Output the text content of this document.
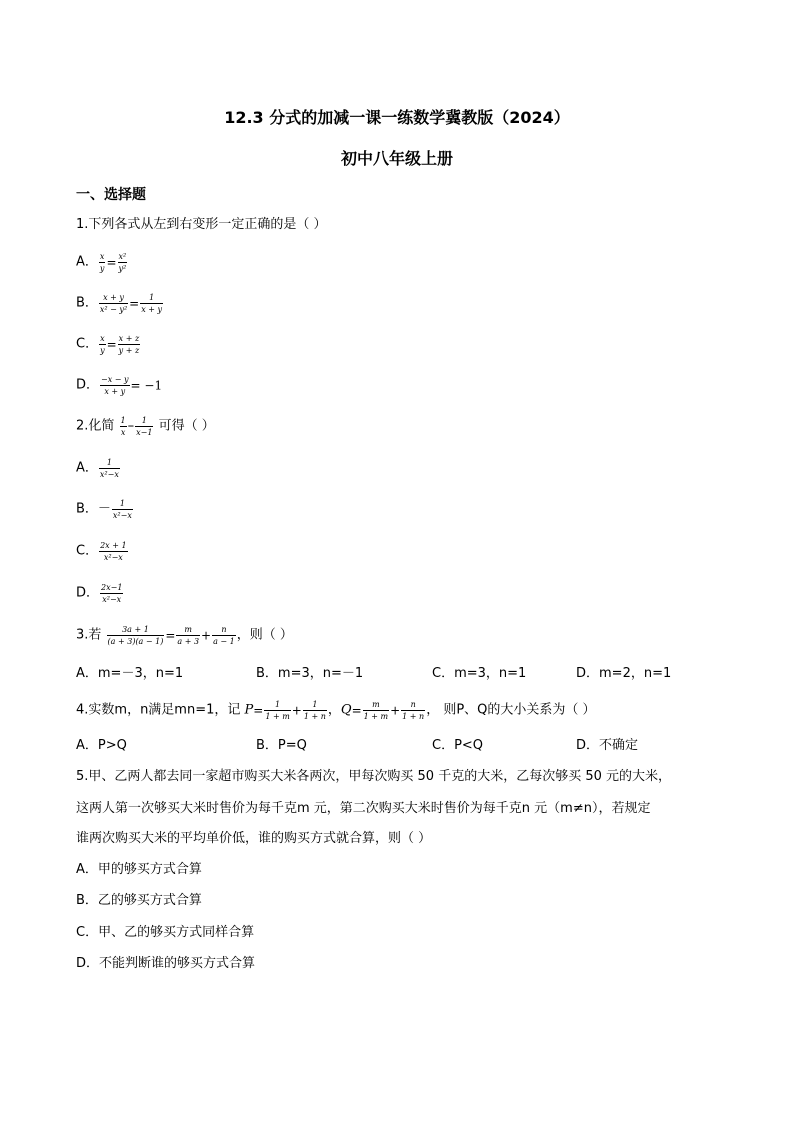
12.3 分式的加减一课一练数学冀教版（2024）
初中八年级上册
一、选择题
1.下列各式从左到右变形一定正确的是（ ）
A． $\frac{x}{y} = \frac{\text{x²}}{\text{y²}}$
B． $\frac{x + y}{\text{x² − y²}} = \frac{1}{x + y}$
C． $\frac{x}{y} = \frac{x + z}{y + z}$
D． $\frac{-x - y}{x + y} = -1$
2.化简 $\frac{1}{x} - \frac{1}{x-1}$ 可得（ ）
A． $\frac{1}{\text{x²−x}}$
B．－ $\frac{1}{\text{x²−x}}$
C． $\frac{2x + 1}{\text{x²−x}}$
D． $\frac{2x-1}{\text{x²−x}}$
3.若 $\frac{3a + 1}{(a + 3)(a - 1)} = \frac{m}{a + 3} + \frac{n}{a - 1}$ ，则（ ）
A．m=－3，n=1	B．m=3，n=－1	C．m=3，n=1	D．m=2，n=1
4.实数m，n满足mn=1，记 $P= \frac{1}{1 + m} + \frac{1}{1 + n}$ ，$Q= \frac{m}{1 + m} + \frac{n}{1 + n}$ ， 则P、Q的大小关系为（ ）
A．P>Q	B．P=Q	C．P<Q	D．不确定
5.甲、乙两人都去同一家超市购买大米各两次，甲每次购买 50 千克的大米，乙每次够买 50 元的大米，
这两人第一次够买大米时售价为每千克m 元，第二次购买大米时售价为每千克n 元（m≠n），若规定
谁两次购买大米的平均单价低，谁的购买方式就合算，则（ ）
A．甲的够买方式合算
B．乙的够买方式合算
C．甲、乙的够买方式同样合算
D．不能判断谁的够买方式合算
